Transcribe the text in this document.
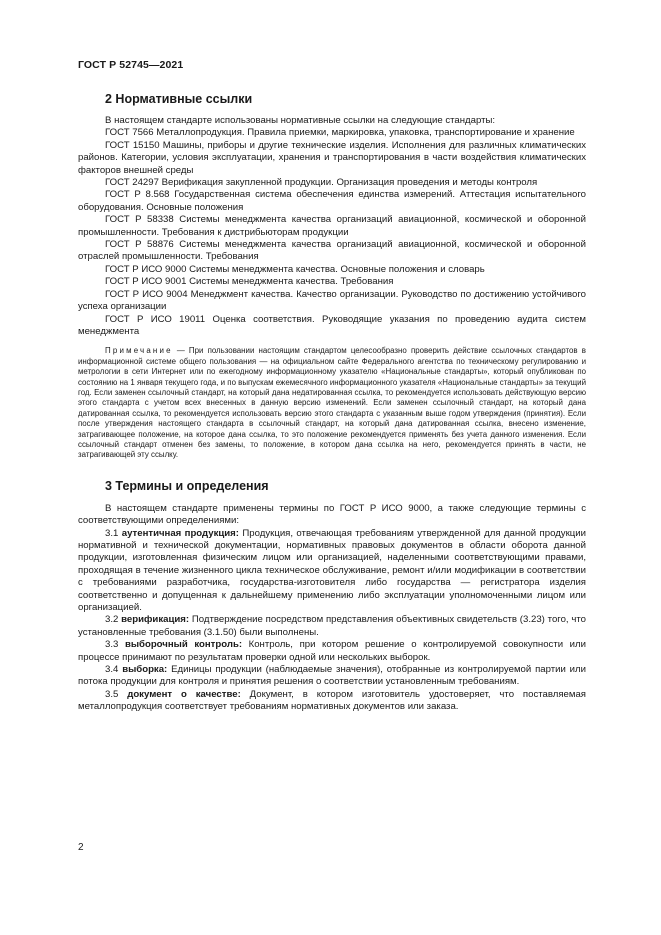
ГОСТ Р 52745—2021
2 Нормативные ссылки

В настоящем стандарте использованы нормативные ссылки на следующие стандарты:

ГОСТ 7566 Металлопродукция. Правила приемки, маркировка, упаковка, транспортирование и хранение

ГОСТ 15150 Машины, приборы и другие технические изделия. Исполнения для различных климатических районов. Категории, условия эксплуатации, хранения и транспортирования в части воздействия климатических факторов внешней среды

ГОСТ 24297 Верификация закупленной продукции. Организация проведения и методы контроля

ГОСТ Р 8.568 Государственная система обеспечения единства измерений. Аттестация испытательного оборудования. Основные положения

ГОСТ Р 58338 Системы менеджмента качества организаций авиационной, космической и оборонной промышленности. Требования к дистрибьюторам продукции

ГОСТ Р 58876 Системы менеджмента качества организаций авиационной, космической и оборонной отраслей промышленности. Требования

ГОСТ Р ИСО 9000 Системы менеджмента качества. Основные положения и словарь

ГОСТ Р ИСО 9001 Системы менеджмента качества. Требования

ГОСТ Р ИСО 9004 Менеджмент качества. Качество организации. Руководство по достижению устойчивого успеха организации

ГОСТ Р ИСО 19011 Оценка соответствия. Руководящие указания по проведению аудита систем менеджмента

Примечание — При пользовании настоящим стандартом целесообразно проверить действие ссылочных стандартов в информационной системе общего пользования — на официальном сайте Федерального агентства по техническому регулированию и метрологии в сети Интернет или по ежегодному информационному указателю «Национальные стандарты», который опубликован по состоянию на 1 января текущего года, и по выпускам ежемесячного информационного указателя «Национальные стандарты» за текущий год. Если заменен ссылочный стандарт, на который дана недатированная ссылка, то рекомендуется использовать действующую версию этого стандарта с учетом всех внесенных в данную версию изменений. Если заменен ссылочный стандарт, на который дана датированная ссылка, то рекомендуется использовать версию этого стандарта с указанным выше годом утверждения (принятия). Если после утверждения настоящего стандарта в ссылочный стандарт, на который дана датированная ссылка, внесено изменение, затрагивающее положение, на которое дана ссылка, то это положение рекомендуется применять без учета данного изменения. Если ссылочный стандарт отменен без замены, то положение, в котором дана ссылка на него, рекомендуется принять в части, не затрагивающей эту ссылку.

3 Термины и определения

В настоящем стандарте применены термины по ГОСТ Р ИСО 9000, а также следующие термины с соответствующими определениями:

3.1 аутентичная продукция: Продукция, отвечающая требованиям утвержденной для данной продукции нормативной и технической документации, нормативных правовых документов в области оборота данной продукции, изготовленная физическим лицом или организацией, наделенными соответствующими правами, проходящая в течение жизненного цикла техническое обслуживание, ремонт и/или модификации в соответствии с требованиями разработчика, государства-изготовителя либо государства — регистратора изделия соответственно и допущенная к дальнейшему применению либо эксплуатации уполномоченными лицом или организацией.

3.2 верификация: Подтверждение посредством представления объективных свидетельств (3.23) того, что установленные требования (3.1.50) были выполнены.

3.3 выборочный контроль: Контроль, при котором решение о контролируемой совокупности или процессе принимают по результатам проверки одной или нескольких выборок.

3.4 выборка: Единицы продукции (наблюдаемые значения), отобранные из контролируемой партии или потока продукции для контроля и принятия решения о соответствии установленным требованиям.

3.5 документ о качестве: Документ, в котором изготовитель удостоверяет, что поставляемая металлопродукция соответствует требованиям нормативных документов или заказа.

2
